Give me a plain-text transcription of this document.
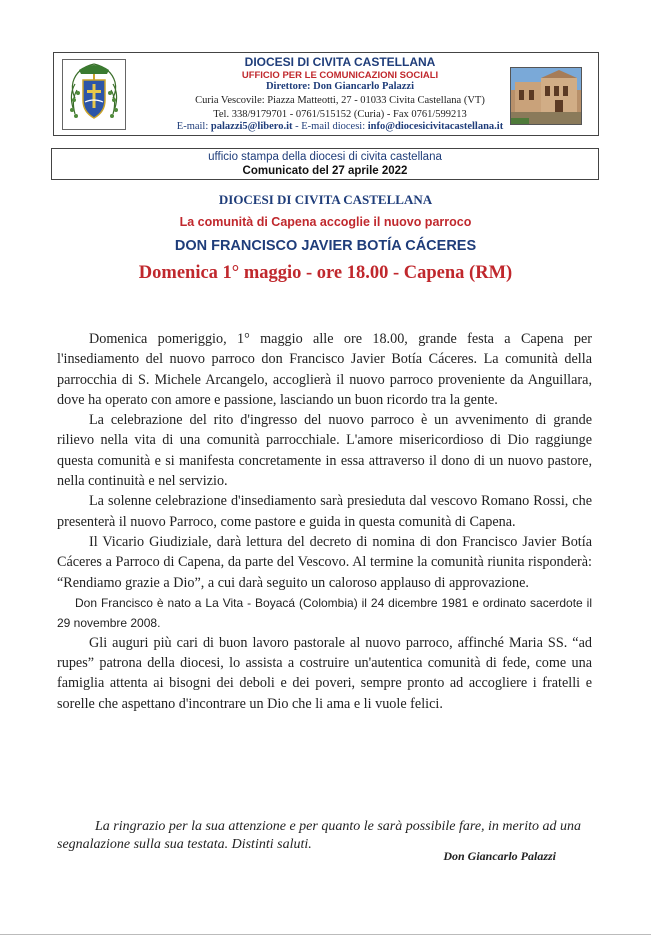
DIOCESI DI CIVITA CASTELLANA
UFFICIO PER LE COMUNICAZIONI SOCIALI
Direttore: Don Giancarlo Palazzi
Curia Vescovile: Piazza Matteotti, 27 - 01033 Civita Castellana (VT)
Tel. 338/9179701 - 0761/515152 (Curia) - Fax 0761/599213
E-mail: palazzi5@libero.it - E-mail diocesi: info@diocesicivitacastellana.it
ufficio stampa della diocesi di civita castellana
Comunicato del 27 aprile 2022
DIOCESI DI CIVITA CASTELLANA
La comunità di Capena accoglie il nuovo parroco
DON FRANCISCO JAVIER BOTÍA CÁCERES
Domenica 1° maggio - ore 18.00 - Capena (RM)

Domenica pomeriggio, 1° maggio alle ore 18.00, grande festa a Capena per l'insediamento del nuovo parroco don Francisco Javier Botía Cáceres. La comunità della parrocchia di S. Michele Arcangelo, accoglierà il nuovo parroco proveniente da Anguillara, dove ha operato con amore e passione, lasciando un buon ricordo tra la gente.

La celebrazione del rito d'ingresso del nuovo parroco è un avvenimento di grande rilievo nella vita di una comunità parrocchiale. L'amore misericordioso di Dio raggiunge questa comunità e si manifesta concretamente in essa attraverso il dono di un nuovo pastore, nella continuità e nel servizio.

La solenne celebrazione d'insediamento sarà presieduta dal vescovo Romano Rossi, che presenterà il nuovo Parroco, come pastore e guida in questa comunità di Capena.

Il Vicario Giudiziale, darà lettura del decreto di nomina di don Francisco Javier Botía Cáceres a Parroco di Capena, da parte del Vescovo. Al termine la comunità riunita risponderà: “Rendiamo grazie a Dio”, a cui darà seguito un caloroso applauso di approvazione.

Don Francisco è nato a La Vita - Boyacá (Colombia) il 24 dicembre 1981 e ordinato sacerdote il 29 novembre 2008.

Gli auguri più cari di buon lavoro pastorale al nuovo parroco, affinché Maria SS. “ad rupes” patrona della diocesi, lo assista a costruire un'autentica comunità di fede, come una famiglia attenta ai bisogni dei deboli e dei poveri, sempre pronto ad accogliere i fratelli e sorelle che aspettano d'incontrare un Dio che li ama e li vuole felici.

La ringrazio per la sua attenzione e per quanto le sarà possibile fare, in merito ad una segnalazione sulla sua testata. Distinti saluti.
Don Giancarlo Palazzi
